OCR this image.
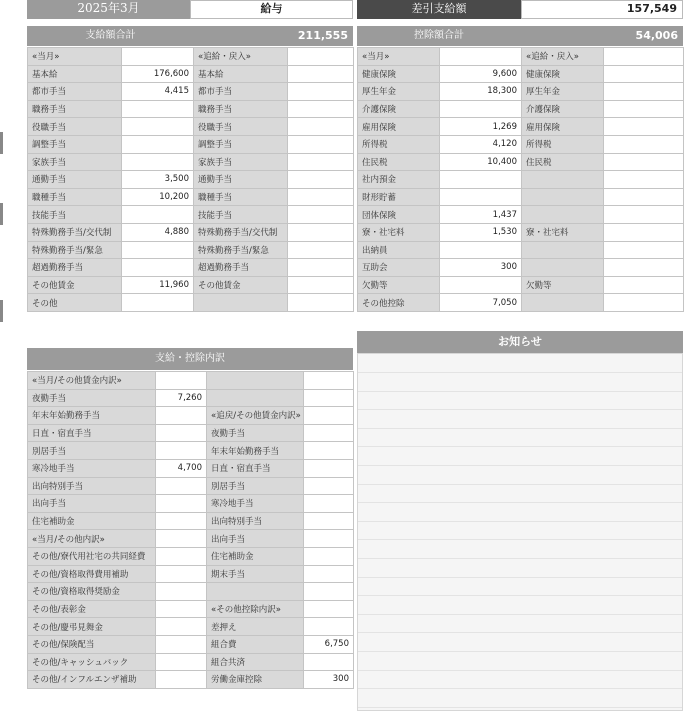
2025年3月	給与	差引支給額	157,549
支給額合計	211,555	控除額合計	54,006
«当月»		«追給・戻入»	
基本給	176,600	基本給	
都市手当	4,415	都市手当	
職務手当		職務手当	
役職手当		役職手当	
調整手当		調整手当	
家族手当		家族手当	
通勤手当	3,500	通勤手当	
職種手当	10,200	職種手当	
技能手当		技能手当	
特殊勤務手当/交代制	4,880	特殊勤務手当/交代制	
特殊勤務手当/緊急		特殊勤務手当/緊急	
超過勤務手当		超過勤務手当	
その他賃金	11,960	その他賃金	
その他			
«当月»		«追給・戻入»	
健康保険	9,600	健康保険	
厚生年金	18,300	厚生年金	
介護保険		介護保険	
雇用保険	1,269	雇用保険	
所得税	4,120	所得税	
住民税	10,400	住民税	
社内預金			
財形貯蓄			
団体保険	1,437		
寮・社宅料	1,530	寮・社宅料	
出納員			
互助会	300		
欠勤等		欠勤等	
その他控除	7,050		
支給・控除内訳
«当月/その他賃金内訳»			
夜勤手当	7,260		
年末年始勤務手当		«追戻/その他賃金内訳»	
日直・宿直手当		夜勤手当	
別居手当		年末年始勤務手当	
寒冷地手当	4,700	日直・宿直手当	
出向特別手当		別居手当	
出向手当		寒冷地手当	
住宅補助金		出向特別手当	
«当月/その他内訳»		出向手当	
その他/寮代用社宅の共同経費		住宅補助金	
その他/資格取得費用補助		期末手当	
その他/資格取得奨励金			
その他/表彰金		«その他控除内訳»	
その他/慶弔見舞金		差押え	
その他/保険配当		組合費	6,750
その他/キャッシュバック		組合共済	
その他/インフルエンザ補助		労働金庫控除	300
お知らせ
